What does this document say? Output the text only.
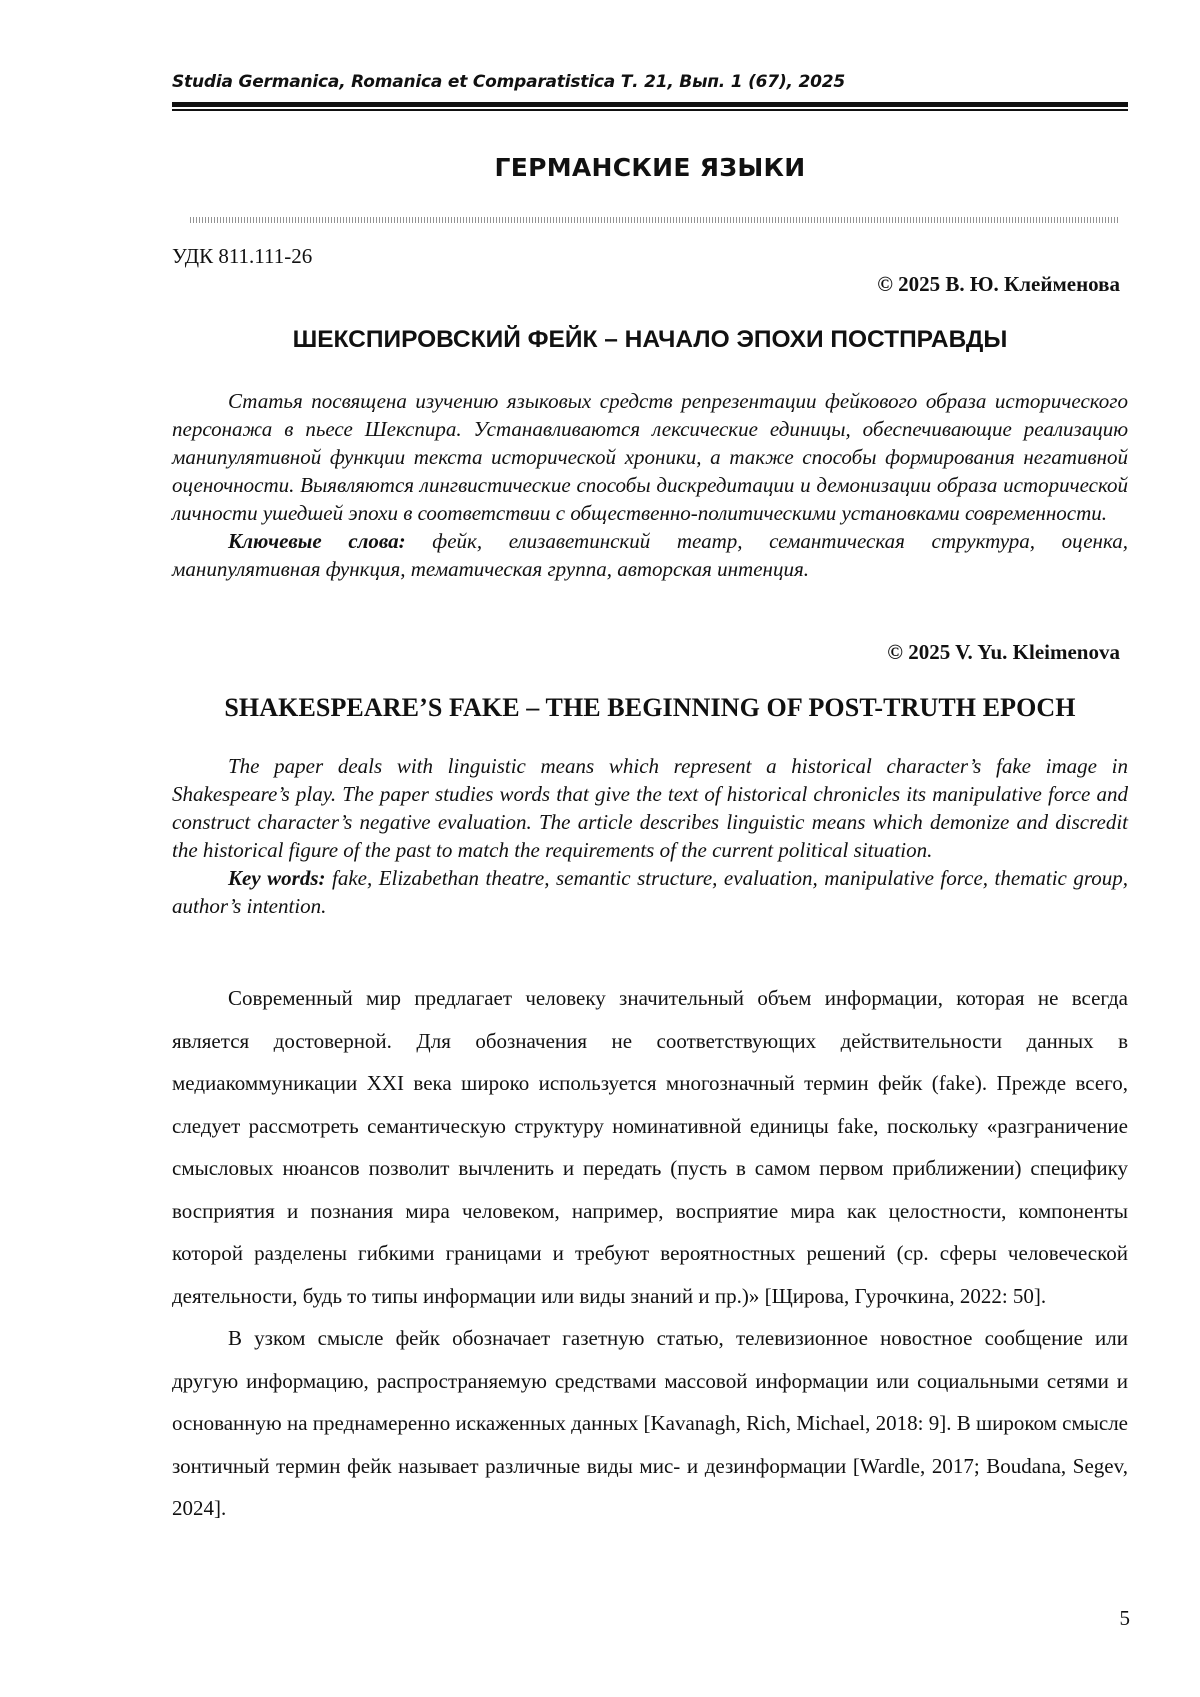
Studia Germanica, Romanica et Comparatistica Т. 21, Вып. 1 (67), 2025
ГЕРМАНСКИЕ ЯЗЫКИ
УДК 811.111-26
© 2025 В. Ю. Клейменова
ШЕКСПИРОВСКИЙ ФЕЙК – НАЧАЛО ЭПОХИ ПОСТПРАВДЫ

Статья посвящена изучению языковых средств репрезентации фейкового образа исторического персонажа в пьесе Шекспира. Устанавливаются лексические единицы, обеспечивающие реализацию манипулятивной функции текста исторической хроники, а также способы формирования негативной оценочности. Выявляются лингвистические способы дискредитации и демонизации образа исторической личности ушедшей эпохи в соответствии с общественно-политическими установками современности.

Ключевые слова: фейк, елизаветинский театр, семантическая структура, оценка, манипулятивная функция, тематическая группа, авторская интенция.

© 2025 V. Yu. Kleimenova
SHAKESPEARE’S FAKE – THE BEGINNING OF POST-TRUTH EPOCH

The paper deals with linguistic means which represent a historical character’s fake image in Shakespeare’s play. The paper studies words that give the text of historical chronicles its manipulative force and construct character’s negative evaluation. The article describes linguistic means which demonize and discredit the historical figure of the past to match the requirements of the current political situation.

Key words: fake, Elizabethan theatre, semantic structure, evaluation, manipulative force, thematic group, author’s intention.

Современный мир предлагает человеку значительный объем информации, которая не всегда является достоверной. Для обозначения не соответствующих действительности данных в медиакоммуникации XXI века широко используется многозначный термин фейк (fake). Прежде всего, следует рассмотреть семантическую структуру номинативной единицы fake, поскольку «разграничение смысловых нюансов позволит вычленить и передать (пусть в самом первом приближении) специфику восприятия и познания мира человеком, например, восприятие мира как целостности, компоненты которой разделены гибкими границами и требуют вероятностных решений (ср. сферы человеческой деятельности, будь то типы информации или виды знаний и пр.)» [Щирова, Гурочкина, 2022: 50].

В узком смысле фейк обозначает газетную статью, телевизионное новостное сообщение или другую информацию, распространяемую средствами массовой информации или социальными сетями и основанную на преднамеренно искаженных данных [Kavanagh, Rich, Michael, 2018: 9]. В широком смысле зонтичный термин фейк называет различные виды мис- и дезинформации [Wardle, 2017; Boudana, Segev, 2024].

5
